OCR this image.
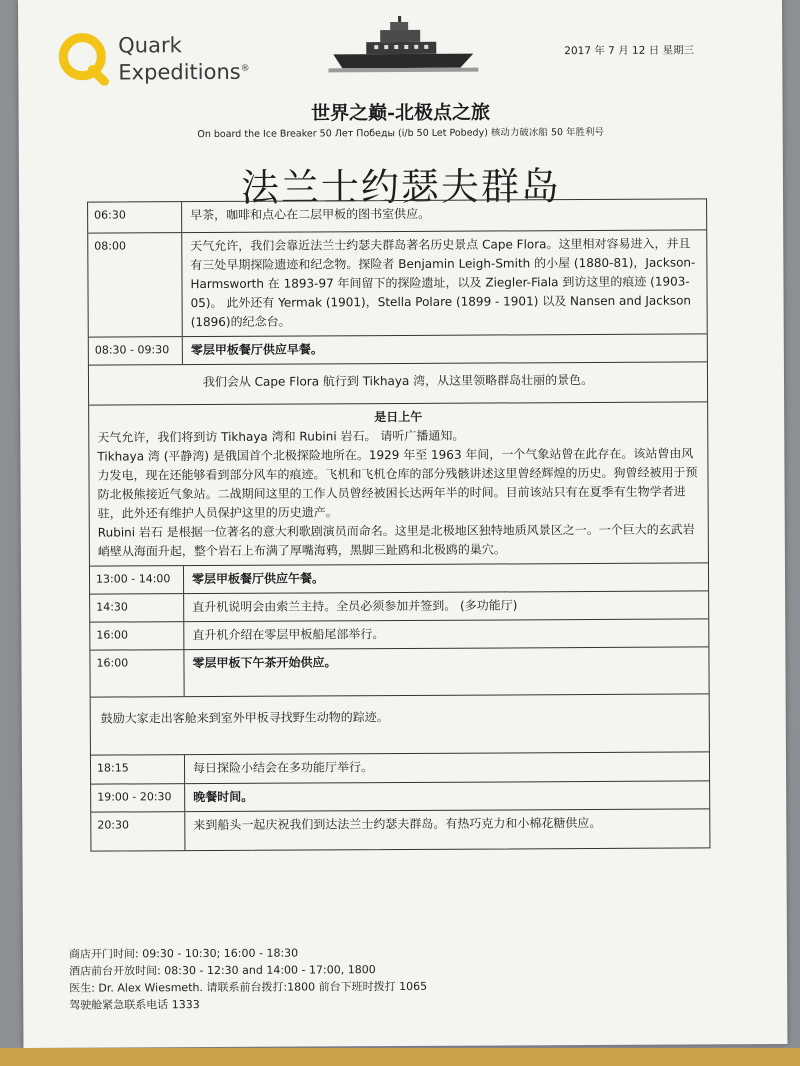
Quark
Expeditions®
2017 年 7 月 12 日 星期三
世界之巅-北极点之旅
On board the Ice Breaker 50 Лет Победы (i/b 50 Let Pobedy) 核动力破冰船 50 年胜利号
法兰士约瑟夫群岛
06:30	早茶，咖啡和点心在二层甲板的图书室供应。
08:00	天气允许，我们会靠近法兰士约瑟夫群岛著名历史景点 Cape Flora。这里相对容易进入，并且有三处早期探险遗迹和纪念物。探险者 Benjamin Leigh-Smith 的小屋 (1880-81)，Jackson-Harmsworth 在 1893-97 年间留下的探险遗址，以及 Ziegler-Fiala 到访这里的痕迹 (1903-05)。 此外还有 Yermak (1901)，Stella Polare (1899 - 1901) 以及 Nansen and Jackson (1896)的纪念台。
08:30 - 09:30	零层甲板餐厅供应早餐。
我们会从 Cape Flora 航行到 Tikhaya 湾，从这里领略群岛壮丽的景色。
是日上午
天气允许，我们将到访 Tikhaya 湾和 Rubini 岩石。 请听广播通知。
Tikhaya 湾 (平静湾) 是俄国首个北极探险地所在。1929 年至 1963 年间，一个气象站曾在此存在。该站曾由风力发电，现在还能够看到部分风车的痕迹。飞机和飞机仓库的部分残骸讲述这里曾经辉煌的历史。狗曾经被用于预防北极熊接近气象站。二战期间这里的工作人员曾经被困长达两年半的时间。目前该站只有在夏季有生物学者进驻，此外还有维护人员保护这里的历史遗产。
Rubini 岩石 是根据一位著名的意大利歌剧演员而命名。这里是北极地区独特地质风景区之一。一个巨大的玄武岩峭壁从海面升起，整个岩石上布满了厚嘴海鸦，黑脚三趾鸥和北极鸥的巢穴。
13:00 - 14:00	零层甲板餐厅供应午餐。
14:30	直升机说明会由索兰主持。全员必须参加并签到。 (多功能厅)
16:00	直升机介绍在零层甲板船尾部举行。
16:00	零层甲板下午茶开始供应。
鼓励大家走出客舱来到室外甲板寻找野生动物的踪迹。
18:15	每日探险小结会在多功能厅举行。
19:00 - 20:30	晚餐时间。
20:30	来到船头一起庆祝我们到达法兰士约瑟夫群岛。有热巧克力和小棉花糖供应。
商店开门时间: 09:30 - 10:30; 16:00 - 18:30
酒店前台开放时间: 08:30 - 12:30 and 14:00 - 17:00, 1800
医生: Dr. Alex Wiesmeth. 请联系前台拨打:1800 前台下班时拨打 1065
驾驶舱紧急联系电话 1333
